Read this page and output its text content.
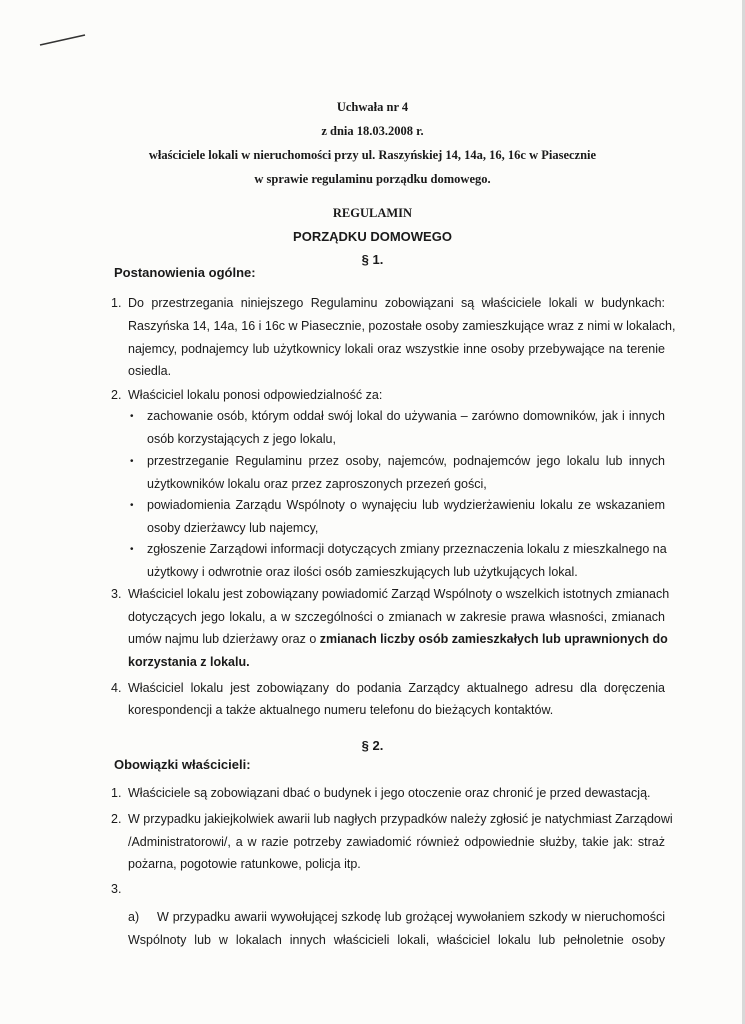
Uchwała nr 4
z dnia 18.03.2008 r.
właściciele lokali w nieruchomości przy ul. Raszyńskiej 14, 14a, 16, 16c w Piasecznie
w sprawie regulaminu porządku domowego.
REGULAMIN
PORZĄDKU DOMOWEGO
§ 1.
Postanowienia ogólne:
1. Do przestrzegania niniejszego Regulaminu zobowiązani są właściciele lokali w budynkach:
Raszyńska 14, 14a, 16 i 16c w Piasecznie, pozostałe osoby zamieszkujące wraz z nimi w lokalach,
najemcy, podnajemcy lub użytkownicy lokali oraz wszystkie inne osoby przebywające na terenie
osiedla.
2. Właściciel lokalu ponosi odpowiedzialność za:
• zachowanie osób, którym oddał swój lokal do używania – zarówno domowników, jak i innych
osób korzystających z jego lokalu,
• przestrzeganie Regulaminu przez osoby, najemców, podnajemców jego lokalu lub innych
użytkowników lokalu oraz przez zaproszonych przezeń gości,
• powiadomienia Zarządu Wspólnoty o wynajęciu lub wydzierżawieniu lokalu ze wskazaniem
osoby dzierżawcy lub najemcy,
• zgłoszenie Zarządowi informacji dotyczących zmiany przeznaczenia lokalu z mieszkalnego na
użytkowy i odwrotnie oraz ilości osób zamieszkujących lub użytkujących lokal.
3. Właściciel lokalu jest zobowiązany powiadomić Zarząd Wspólnoty o wszelkich istotnych zmianach
dotyczących jego lokalu, a w szczególności o zmianach w zakresie prawa własności, zmianach
umów najmu lub dzierżawy oraz o zmianach liczby osób zamieszkałych lub uprawnionych do
korzystania z lokalu.
4. Właściciel lokalu jest zobowiązany do podania Zarządcy aktualnego adresu dla doręczenia
korespondencji a także aktualnego numeru telefonu do bieżących kontaktów.
§ 2.
Obowiązki właścicieli:
1. Właściciele są zobowiązani dbać o budynek i jego otoczenie oraz chronić je przed dewastacją.
2. W przypadku jakiejkolwiek awarii lub nagłych przypadków należy zgłosić je natychmiast Zarządowi
/Administratorowi/, a w razie potrzeby zawiadomić również odpowiednie służby, takie jak: straż
pożarna, pogotowie ratunkowe, policja itp.
3.
a) W przypadku awarii wywołującej szkodę lub grożącej wywołaniem szkody w nieruchomości
Wspólnoty lub w lokalach innych właścicieli lokali, właściciel lokalu lub pełnoletnie osoby
